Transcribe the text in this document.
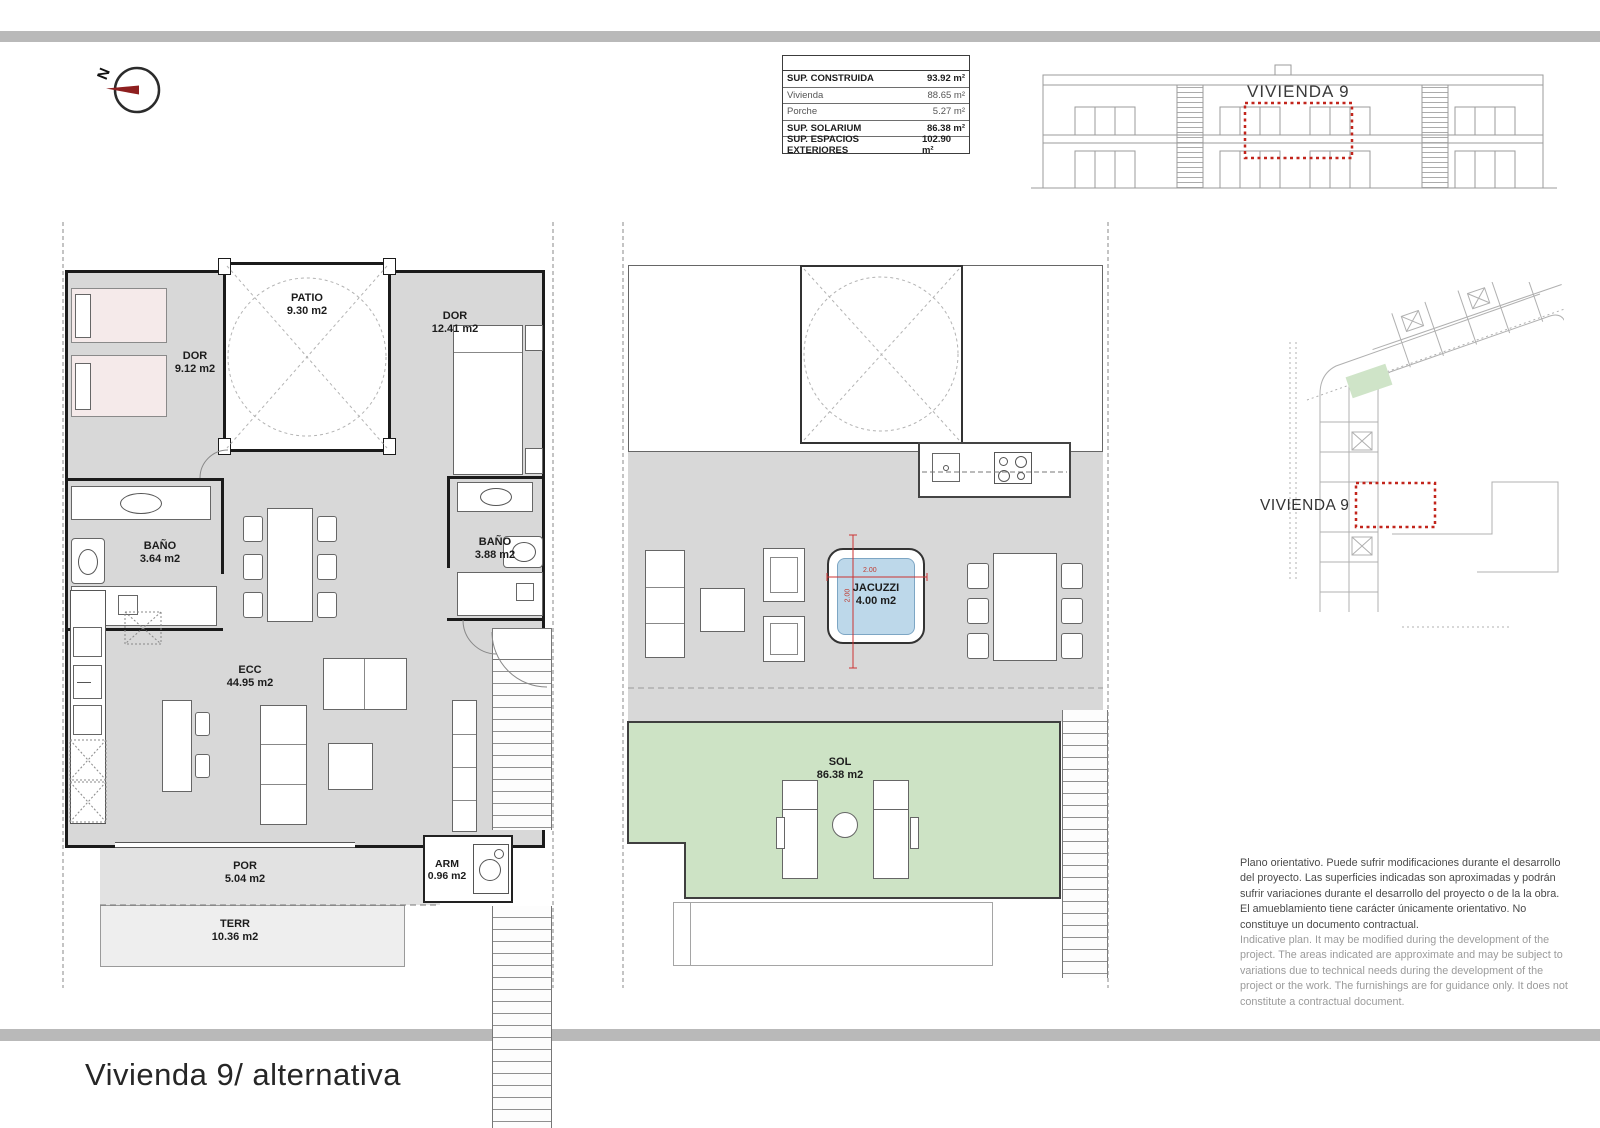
Vivienda 9/ alternativa
N	SUP. CONSTRUIDA	93.92 m²
Vivienda	88.65 m²
Porche	5.27 m²
SUP. SOLARIUM	86.38 m²
SUP. ESPACIOS EXTERIORES
102.90 m²
VIVIENDA 9
DOR
9.12 m2
PATIO
9.30 m2	DOR
12.41 m2
BAÑO
3.64 m2
BAÑO
3.88 m2
ECC
44.95 m2
POR
5.04 m2
TERR
10.36 m2
ARM
0.96 m2
JACUZZI
4.00 m2
2.00
2.00
SOL
86.38 m2
VIVIENDA 9

Plano orientativo. Puede sufrir modificaciones durante el desarrollo del proyecto. Las superficies indicadas son aproximadas y podrán sufrir variaciones durante el desarrollo del proyecto o de la la obra. El amueblamiento tiene carácter únicamente orientativo. No constituye un documento contractual.

Indicative plan. It may be modified during the development of the project. The areas indicated are approximate and may be subject to variations due to technical needs during the development of the project or the work. The furnishings are for guidance only. It does not constitute a contractual document.
